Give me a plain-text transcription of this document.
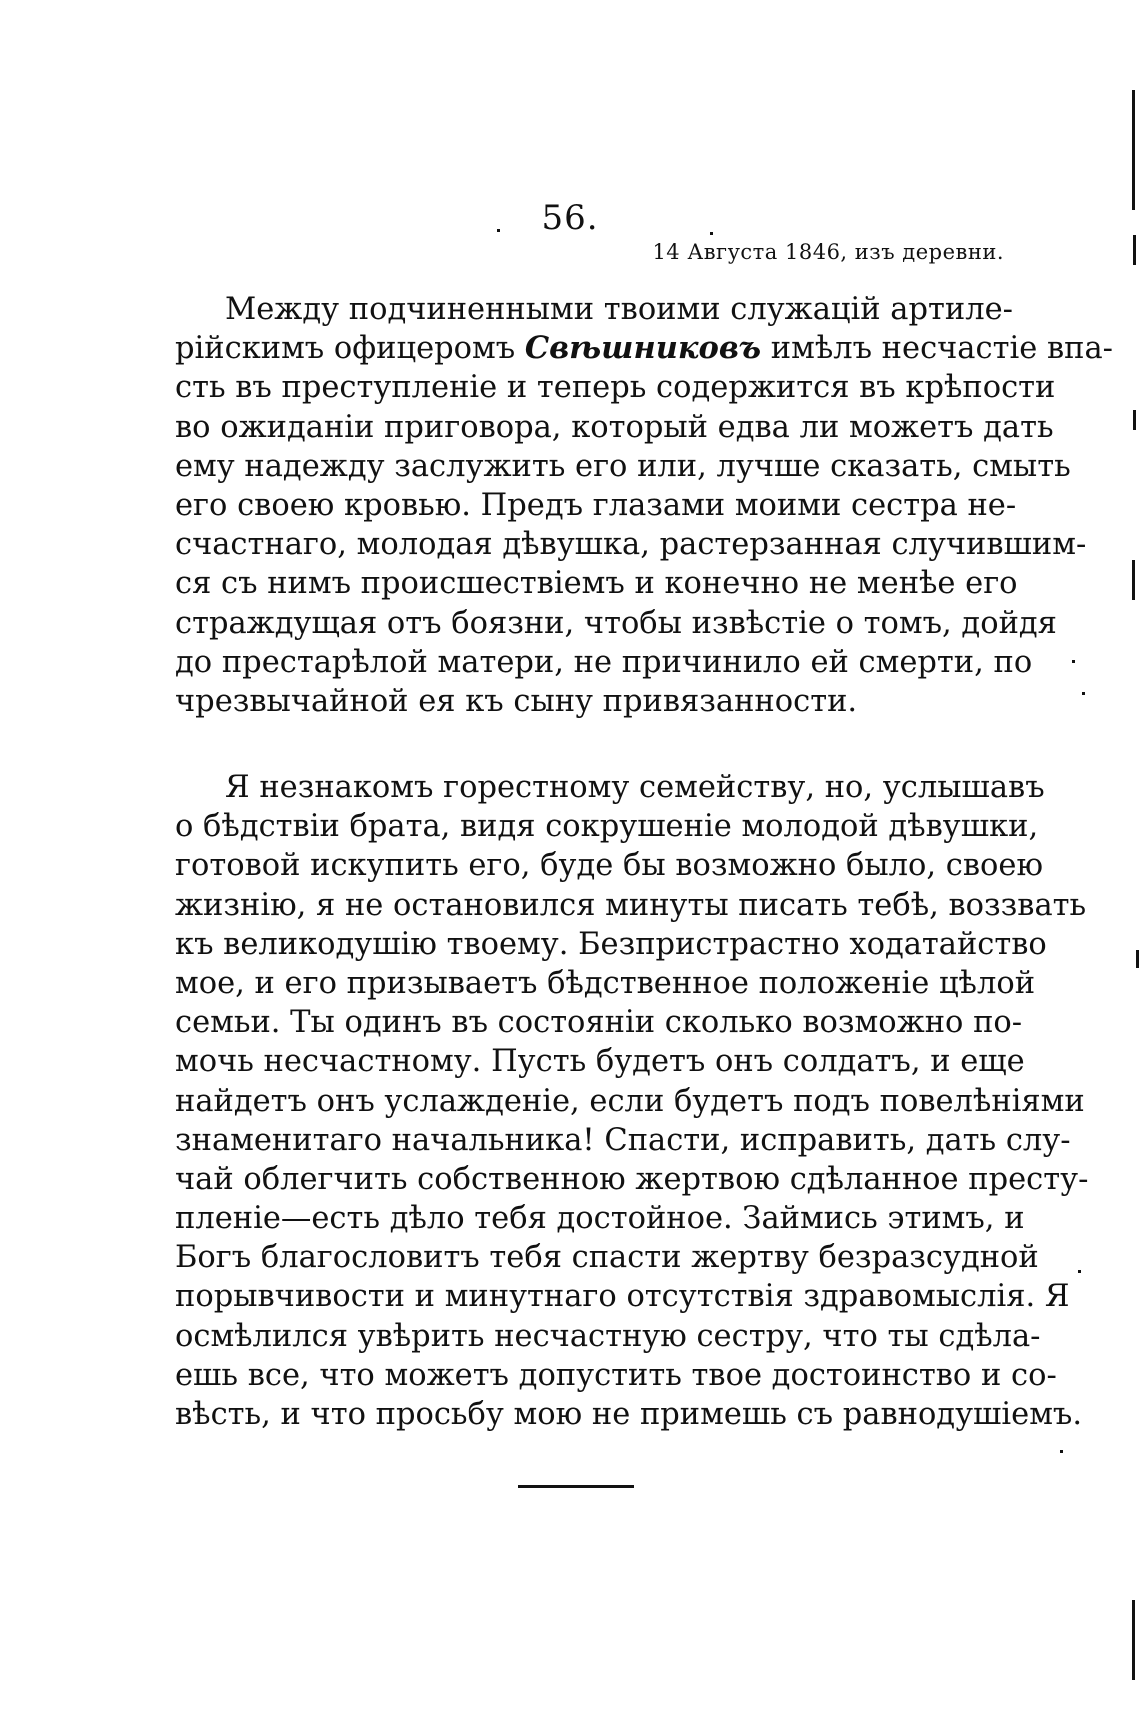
56.
14 Августа 1846, изъ деревни.
Между подчиненными твоими служацій артиле-
рійскимъ офицеромъ Свѣшниковъ имѣлъ несчастіе впа-
сть въ преступленіе и теперь содержится въ крѣпости
во ожиданіи приговора, который едва ли можетъ дать
ему надежду заслужить его или, лучше сказать, смыть
его своею кровью. Предъ глазами моими сестра не-
счастнаго, молодая дѣвушка, растерзанная случившим-
ся съ нимъ происшествіемъ и конечно не менѣе его
страждущая отъ боязни, чтобы извѣстіе о томъ, дойдя
до престарѣлой матери, не причинило ей смерти, по
чрезвычайной ея къ сыну привязанности.
Я незнакомъ горестному семейству, но, услышавъ
о бѣдствіи брата, видя сокрушеніе молодой дѣвушки,
готовой искупить его, буде бы возможно было, своею
жизнію, я не остановился минуты писать тебѣ, воззвать
къ великодушію твоему. Безпристрастно ходатайство
мое, и его призываетъ бѣдственное положеніе цѣлой
семьи. Ты одинъ въ состояніи сколько возможно по-
мочь несчастному. Пусть будетъ онъ солдатъ, и еще
найдетъ онъ услажденіе, если будетъ подъ повелѣніями
знаменитаго начальника! Спасти, исправить, дать слу-
чай облегчить собственною жертвою сдѣланное престу-
пленіе—есть дѣло тебя достойное. Займись этимъ, и
Богъ благословитъ тебя спасти жертву безразсудной
порывчивости и минутнаго отсутствія здравомыслія. Я
осмѣлился увѣрить несчастную сестру, что ты сдѣла-
ешь все, что можетъ допустить твое достоинство и со-
вѣсть, и что просьбу мою не примешь съ равнодушіемъ.
